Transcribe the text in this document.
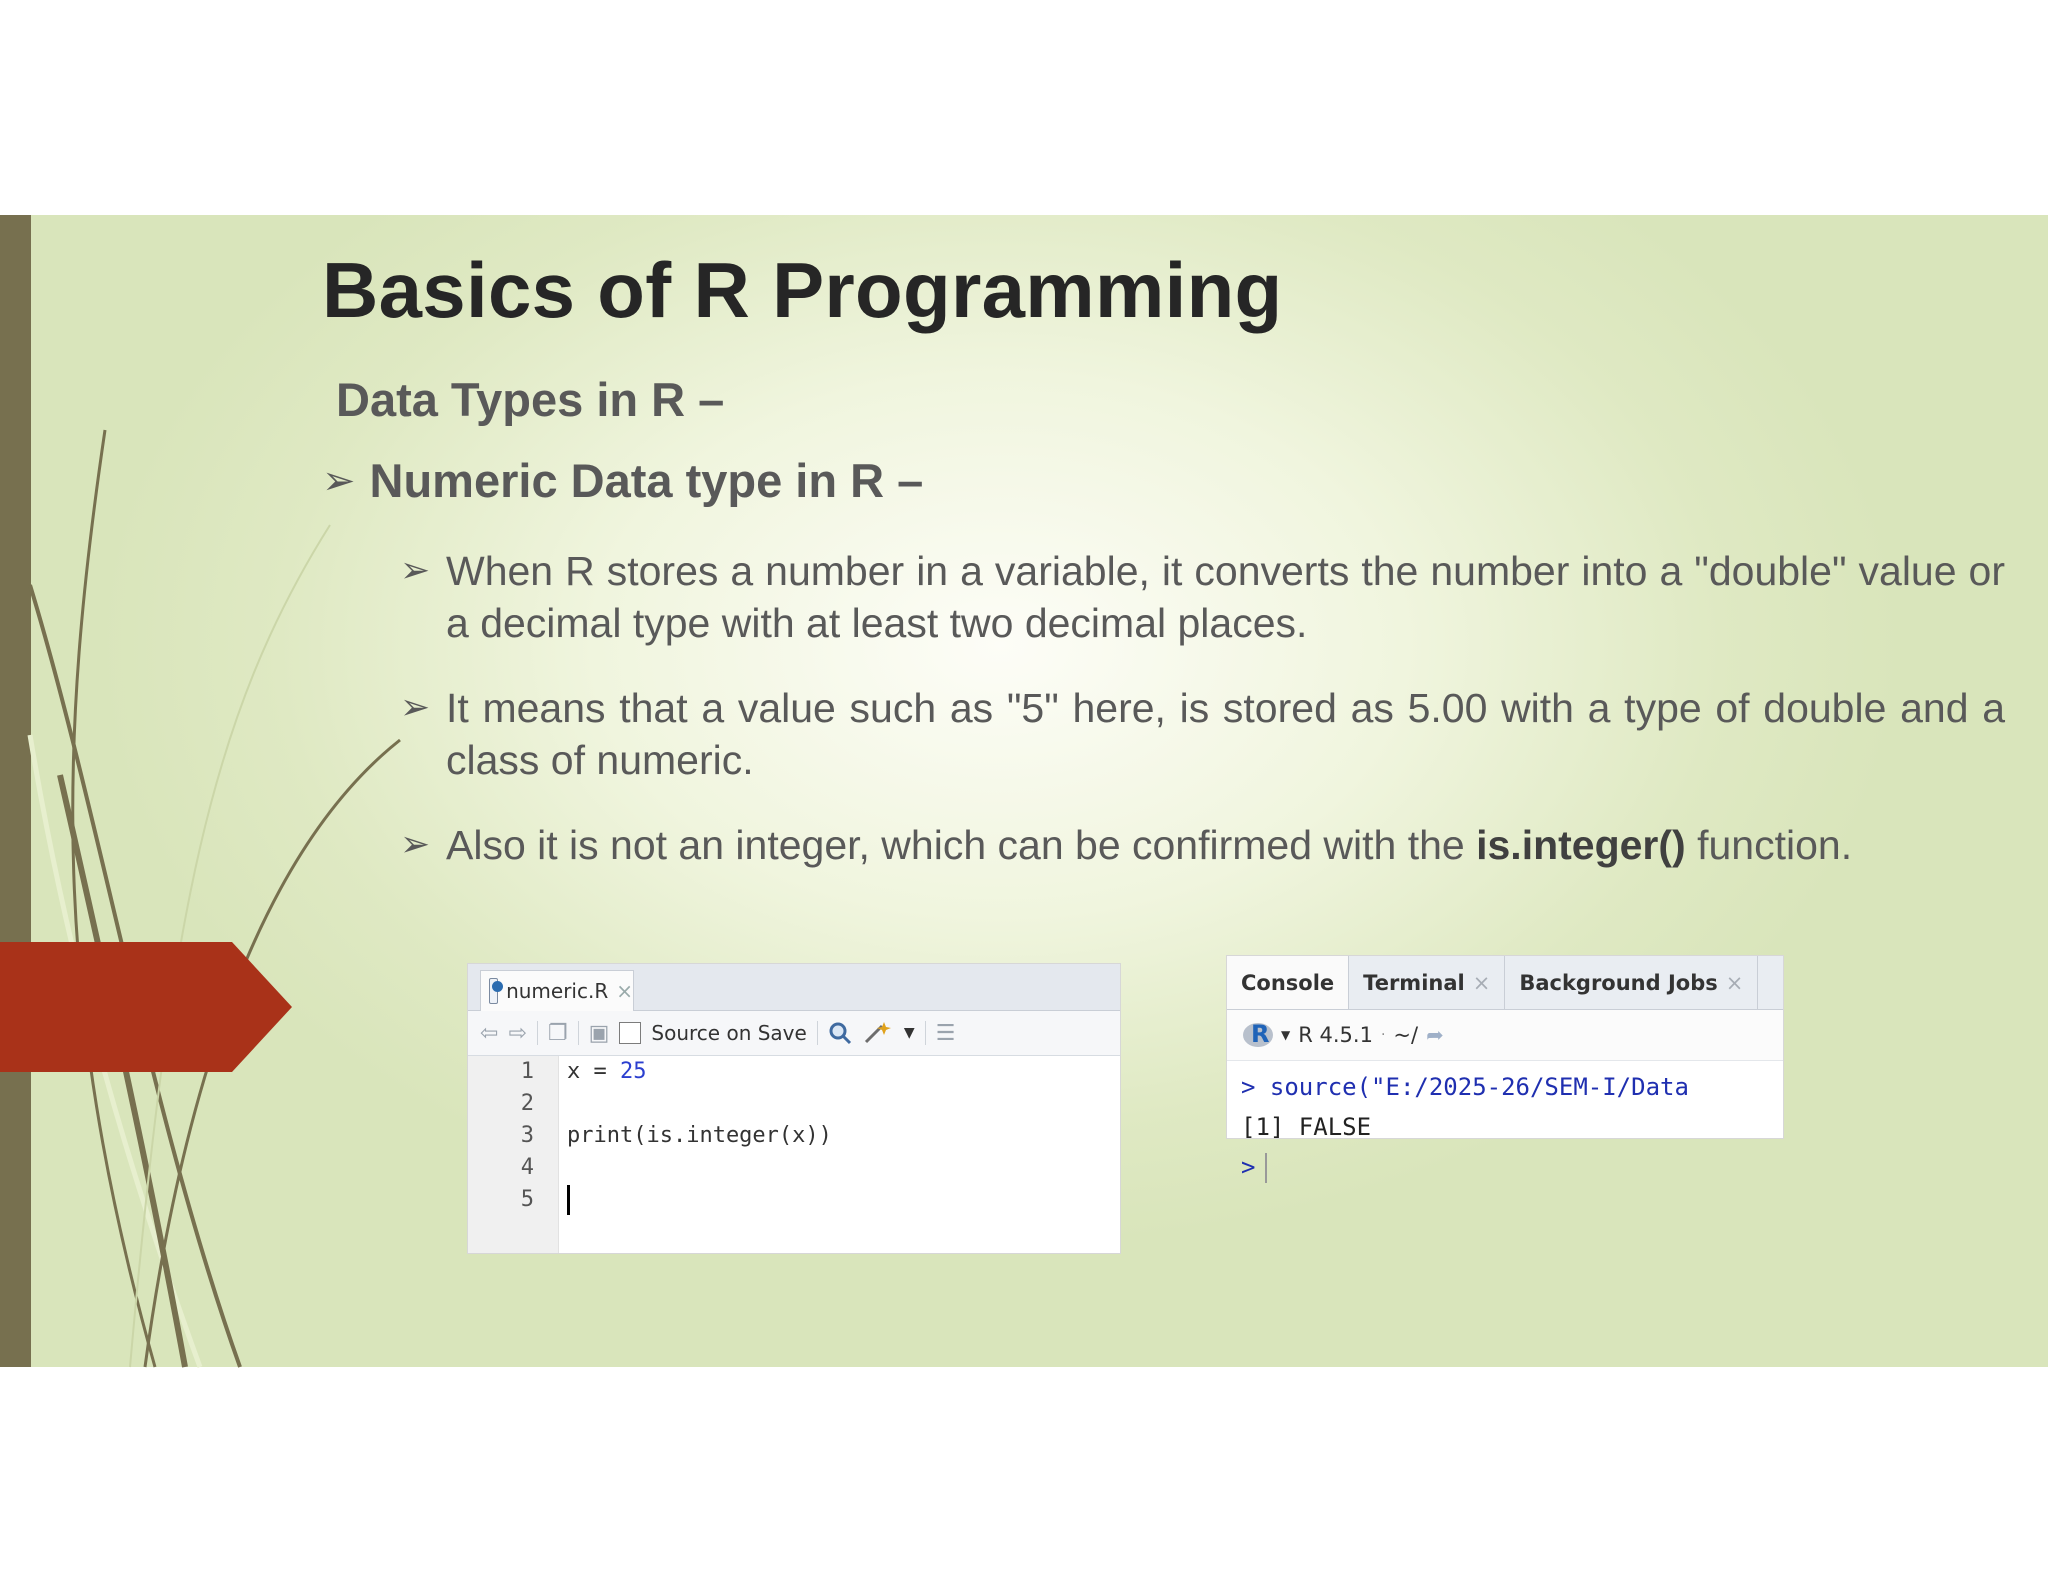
Basics of R Programming
Data Types in R –
➢ Numeric Data type in R –
➢ When R stores a number in a variable, it converts the number into a "double" value or a decimal type with at least two decimal places.

➢ It means that a value such as "5" here, is stored as 5.00 with a type of double and a class of numeric.

➢ Also it is not an integer, which can be confirmed with the is.integer() function.

numeric.R ×
⇦ ⇨ ❐ ▣ Source on Save	▼ ☰
1
2
3
4
5
x = 25
print(is.integer(x))
Console Terminal × Background Jobs ×
R
▼ R 4.5.1 · ~/ ➦
> source("E:/2025-26/SEM-I/Data
[1] FALSE
>
